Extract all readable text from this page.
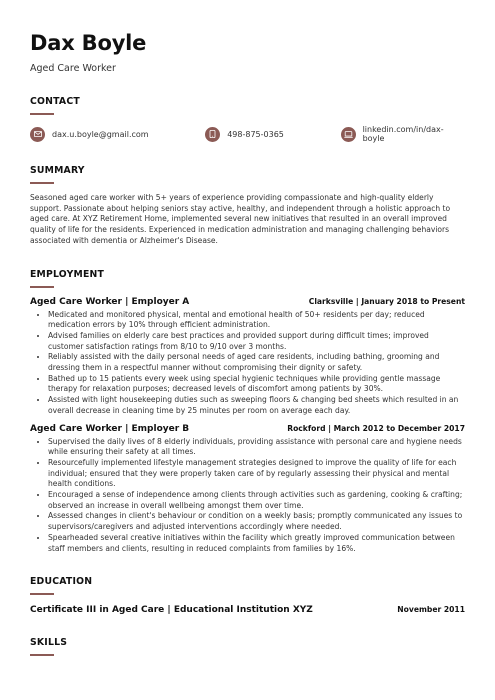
Dax Boyle
Aged Care Worker
CONTACT
dax.u.boyle@gmail.com	498-875-0365	linkedin.com/in/dax-boyle
SUMMARY
Seasoned aged care worker with 5+ years of experience providing compassionate and high-quality elderly support. Passionate about helping seniors stay active, healthy, and independent through a holistic approach to aged care. At XYZ Retirement Home, implemented several new initiatives that resulted in an overall improved quality of life for the residents. Experienced in medication administration and managing challenging behaviors associated with dementia or Alzheimer's Disease.
EMPLOYMENT
Aged Care Worker | Employer A	Clarksville | January 2018 to Present
• Medicated and monitored physical, mental and emotional health of 50+ residents per day; reduced medication errors by 10% through efficient administration.
• Advised families on elderly care best practices and provided support during difficult times; improved customer satisfaction ratings from 8/10 to 9/10 over 3 months.
• Reliably assisted with the daily personal needs of aged care residents, including bathing, grooming and dressing them in a respectful manner without compromising their dignity or safety.
• Bathed up to 15 patients every week using special hygienic techniques while providing gentle massage therapy for relaxation purposes; decreased levels of discomfort among patients by 30%.
• Assisted with light housekeeping duties such as sweeping floors & changing bed sheets which resulted in an overall decrease in cleaning time by 25 minutes per room on average each day.
Aged Care Worker | Employer B	Rockford | March 2012 to December 2017
• Supervised the daily lives of 8 elderly individuals, providing assistance with personal care and hygiene needs while ensuring their safety at all times.
• Resourcefully implemented lifestyle management strategies designed to improve the quality of life for each individual; ensured that they were properly taken care of by regularly assessing their physical and mental health conditions.
• Encouraged a sense of independence among clients through activities such as gardening, cooking & crafting; observed an increase in overall wellbeing amongst them over time.
• Assessed changes in client's behaviour or condition on a weekly basis; promptly communicated any issues to supervisors/caregivers and adjusted interventions accordingly where needed.
• Spearheaded several creative initiatives within the facility which greatly improved communication between staff members and clients, resulting in reduced complaints from families by 16%.
EDUCATION
Certificate III in Aged Care | Educational Institution XYZ	November 2011
SKILLS
